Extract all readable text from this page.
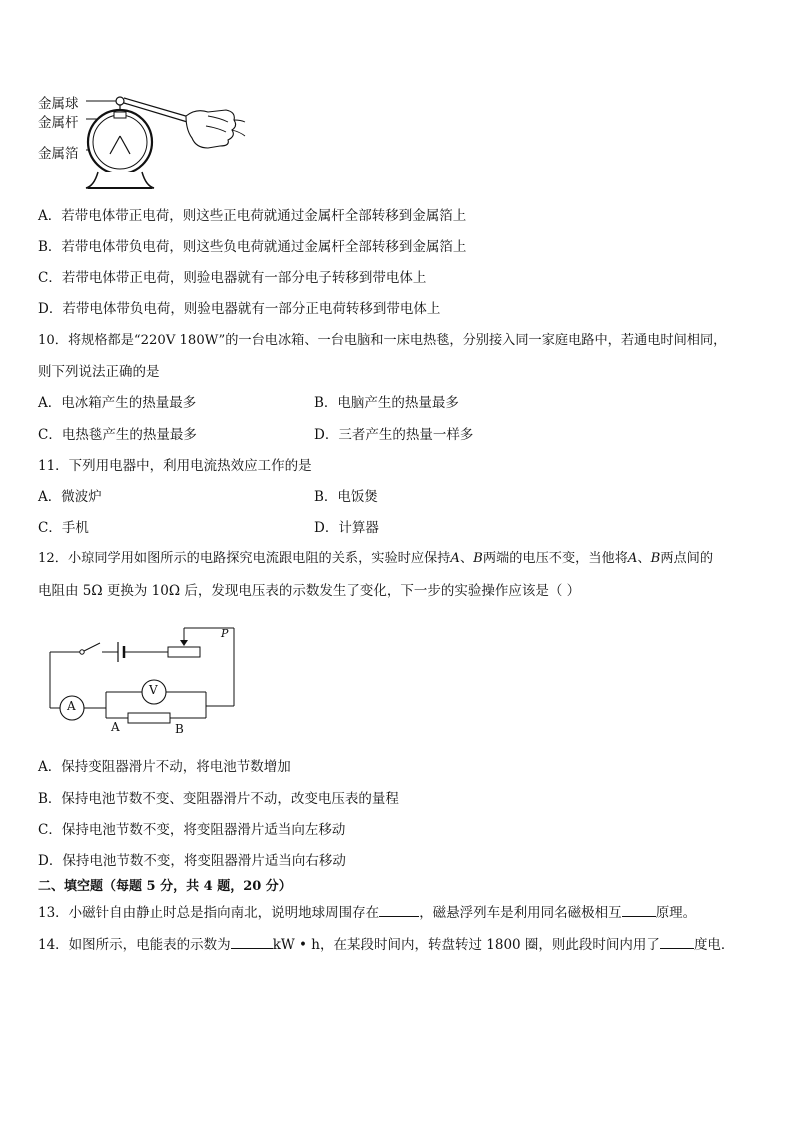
金属球
金属杆
金属箔
A．若带电体带正电荷，则这些正电荷就通过金属杆全部转移到金属箔上
B．若带电体带负电荷，则这些负电荷就通过金属杆全部转移到金属箔上
C．若带电体带正电荷，则验电器就有一部分电子转移到带电体上
D．若带电体带负电荷，则验电器就有一部分正电荷转移到带电体上
10．将规格都是“220V 180W”的一台电冰箱、一台电脑和一床电热毯，分别接入同一家庭电路中，若通电时间相同，
则下列说法正确的是
A．电冰箱产生的热量最多	B．电脑产生的热量最多
C．电热毯产生的热量最多	D．三者产生的热量一样多
11．下列用电器中，利用电流热效应工作的是
A．微波炉	B．电饭煲
C．手机	D．计算器
12．小琼同学用如图所示的电路探究电流跟电阻的关系，实验时应保持A、B两端的电压不变，当他将A、B两点间的
电阻由 5Ω 更换为 10Ω 后，发现电压表的示数发生了变化，下一步的实验操作应该是（ ）
P
V
A
A	B
A．保持变阻器滑片不动，将电池节数增加
B．保持电池节数不变、变阻器滑片不动，改变电压表的量程
C．保持电池节数不变，将变阻器滑片适当向左移动
D．保持电池节数不变，将变阻器滑片适当向右移动
二、填空题（每题 5 分，共 4 题，20 分）
13．小磁针自由静止时总是指向南北，说明地球周围存在	，磁悬浮列车是利用同名磁极相互	原理。
14．如图所示，电能表的示数为	kW • h，在某段时间内，转盘转过 1800 圈，则此段时间内用了	度电．
